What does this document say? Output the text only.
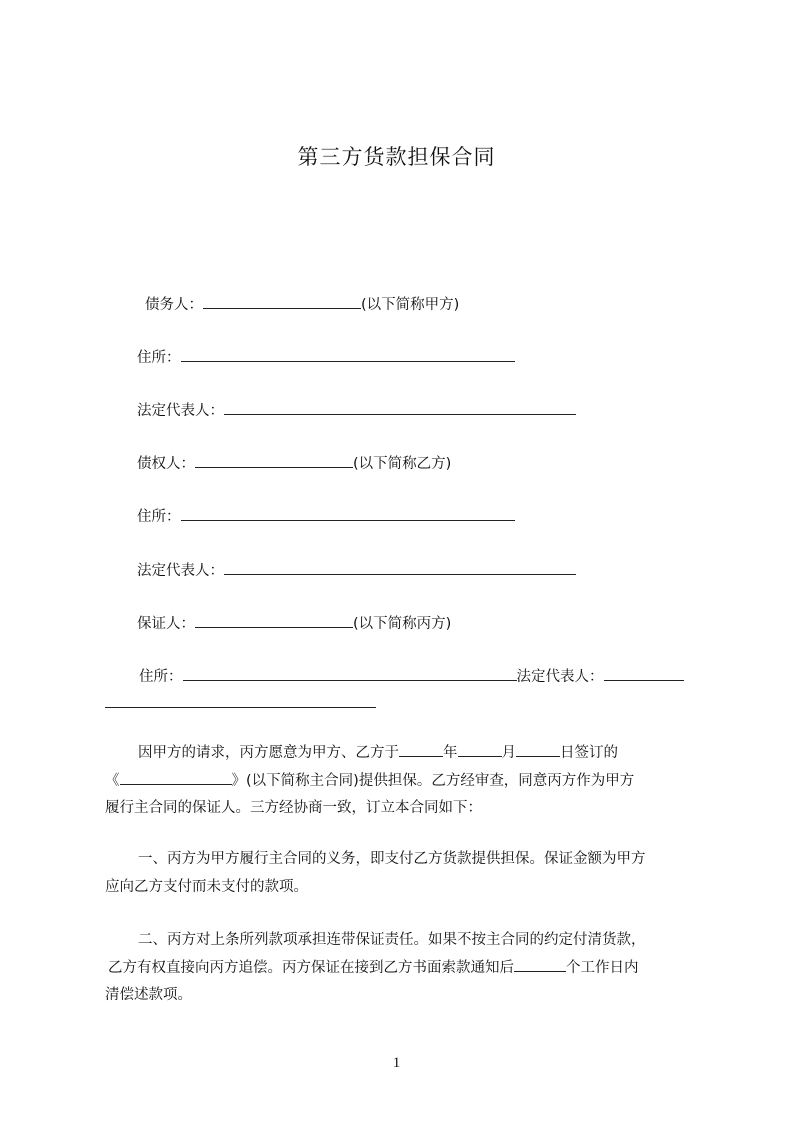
第三方货款担保合同
债务人：	(以下简称甲方)
住所：
法定代表人：
债权人：	(以下简称乙方)
住所：
法定代表人：
保证人：	(以下简称丙方)
住所：	法定代表人：
因甲方的请求，丙方愿意为甲方、乙方于	年	月	日签订的
《	》(以下简称主合同)提供担保。乙方经审查，同意丙方作为甲方
履行主合同的保证人。三方经协商一致，订立本合同如下：
一、丙方为甲方履行主合同的义务，即支付乙方货款提供担保。保证金额为甲方
应向乙方支付而未支付的款项。
二、丙方对上条所列款项承担连带保证责任。如果不按主合同的约定付清货款，
乙方有权直接向丙方追偿。丙方保证在接到乙方书面索款通知后	个工作日内
清偿述款项。
1
